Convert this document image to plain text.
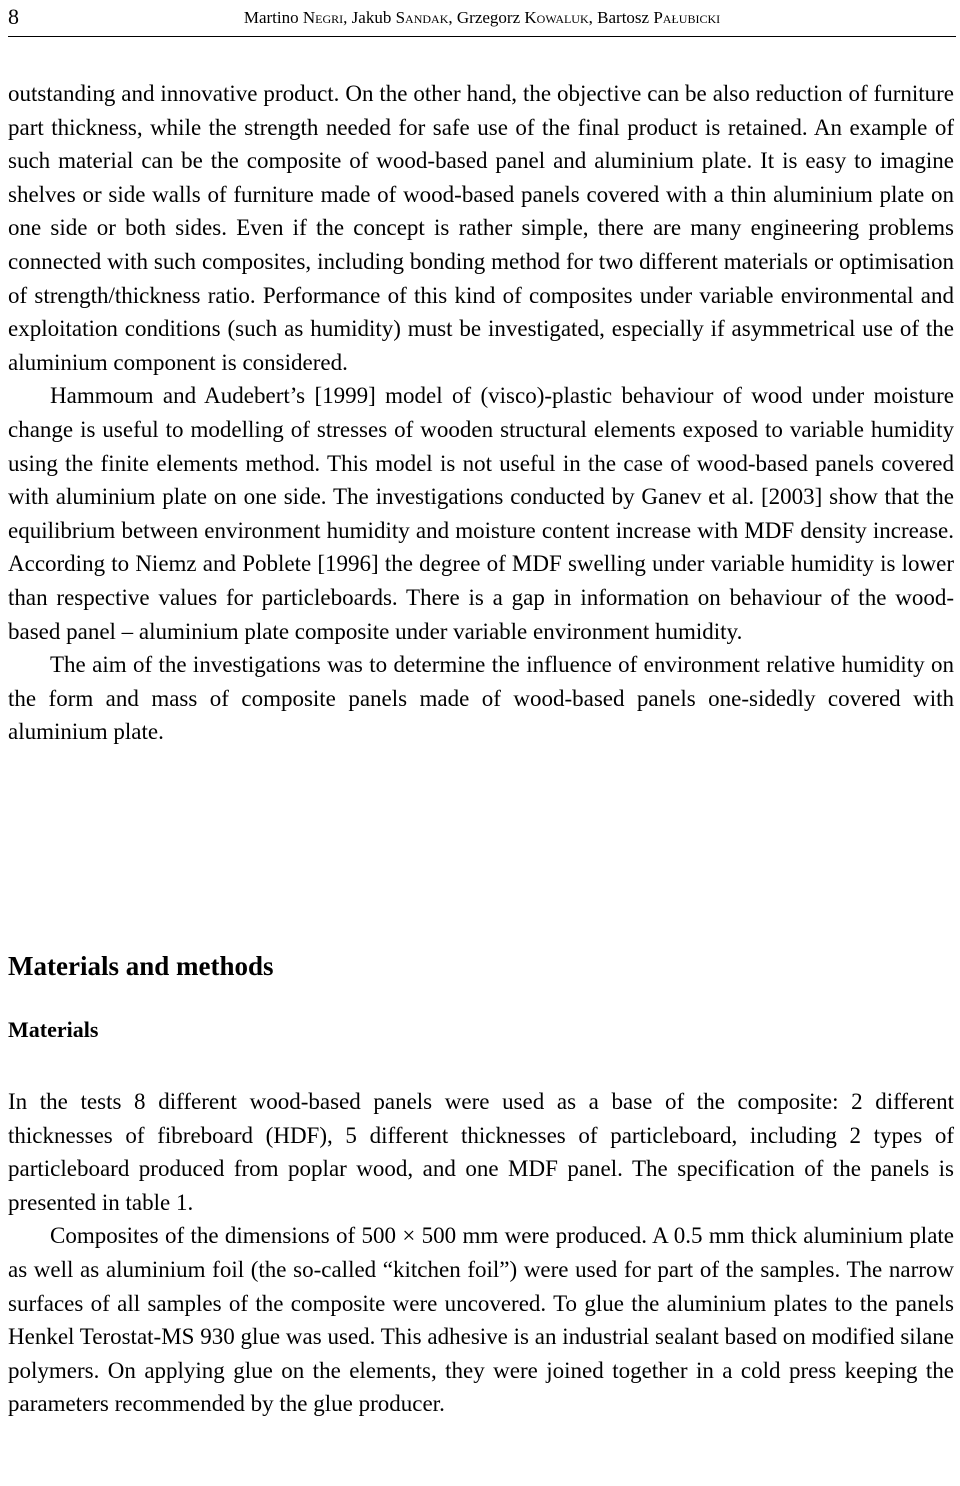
8	Martino Negri, Jakub Sandak, Grzegorz Kowaluk, Bartosz Pałubicki

outstanding and innovative product. On the other hand, the objective can be also reduction of furniture part thickness, while the strength needed for safe use of the final product is retained. An example of such material can be the composite of wood-based panel and aluminium plate. It is easy to imagine shelves or side walls of furniture made of wood-based panels covered with a thin aluminium plate on one side or both sides. Even if the concept is rather simple, there are many engineering problems connected with such composites, including bonding method for two different materials or optimisation of strength/thickness ratio. Performance of this kind of composites under variable environmental and exploitation conditions (such as humidity) must be investigated, especially if asymmetrical use of the aluminium component is considered.

Hammoum and Audebert’s [1999] model of (visco)-plastic behaviour of wood under moisture change is useful to modelling of stresses of wooden structural elements exposed to variable humidity using the finite elements method. This model is not useful in the case of wood-based panels covered with aluminium plate on one side. The investigations conducted by Ganev et al. [2003] show that the equilibrium between environment humidity and moisture content increase with MDF density increase. According to Niemz and Poblete [1996] the degree of MDF swelling under variable humidity is lower than respective values for particleboards. There is a gap in information on behaviour of the wood-based panel – aluminium plate composite under variable environment humidity.

The aim of the investigations was to determine the influence of environment relative humidity on the form and mass of composite panels made of wood-based panels one-sidedly covered with aluminium plate.

Materials and methods
Materials

In the tests 8 different wood-based panels were used as a base of the composite: 2 different thicknesses of fibreboard (HDF), 5 different thicknesses of particleboard, including 2 types of particleboard produced from poplar wood, and one MDF panel. The specification of the panels is presented in table 1.

Composites of the dimensions of 500 × 500 mm were produced. A 0.5 mm thick aluminium plate as well as aluminium foil (the so-called “kitchen foil”) were used for part of the samples. The narrow surfaces of all samples of the composite were uncovered. To glue the aluminium plates to the panels Henkel Terostat-MS 930 glue was used. This adhesive is an industrial sealant based on modified silane polymers. On applying glue on the elements, they were joined together in a cold press keeping the parameters recommended by the glue producer.
